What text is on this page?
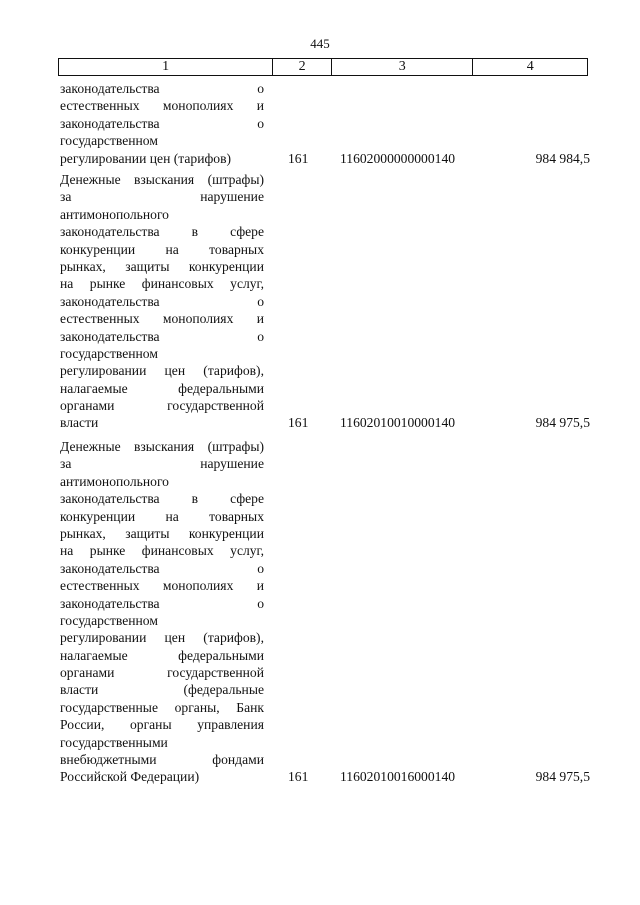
445
1	2	3	4
законодательства	о
естественных монополиях и
законодательства	о
государственном
регулировании цен (тарифов)	161 11602000000000140	984 984,5
Денежные взыскания (штрафы)
за	нарушение
антимонопольного
законодательства в сфере
конкуренции на товарных
рынках, защиты конкуренции
на рынке финансовых услуг,
законодательства	о
естественных монополиях и
законодательства	о
государственном
регулировании цен (тарифов),
налагаемые	федеральными
органами	государственной
власти	161 11602010010000140	984 975,5
Денежные взыскания (штрафы)
за	нарушение
антимонопольного
законодательства в сфере
конкуренции на товарных
рынках, защиты конкуренции
на рынке финансовых услуг,
законодательства	о
естественных монополиях и
законодательства	о
государственном
регулировании цен (тарифов),
налагаемые	федеральными
органами	государственной
власти	(федеральные
государственные органы, Банк
России, органы управления
государственными
внебюджетными	фондами
Российской Федерации)	161 11602010016000140	984 975,5
